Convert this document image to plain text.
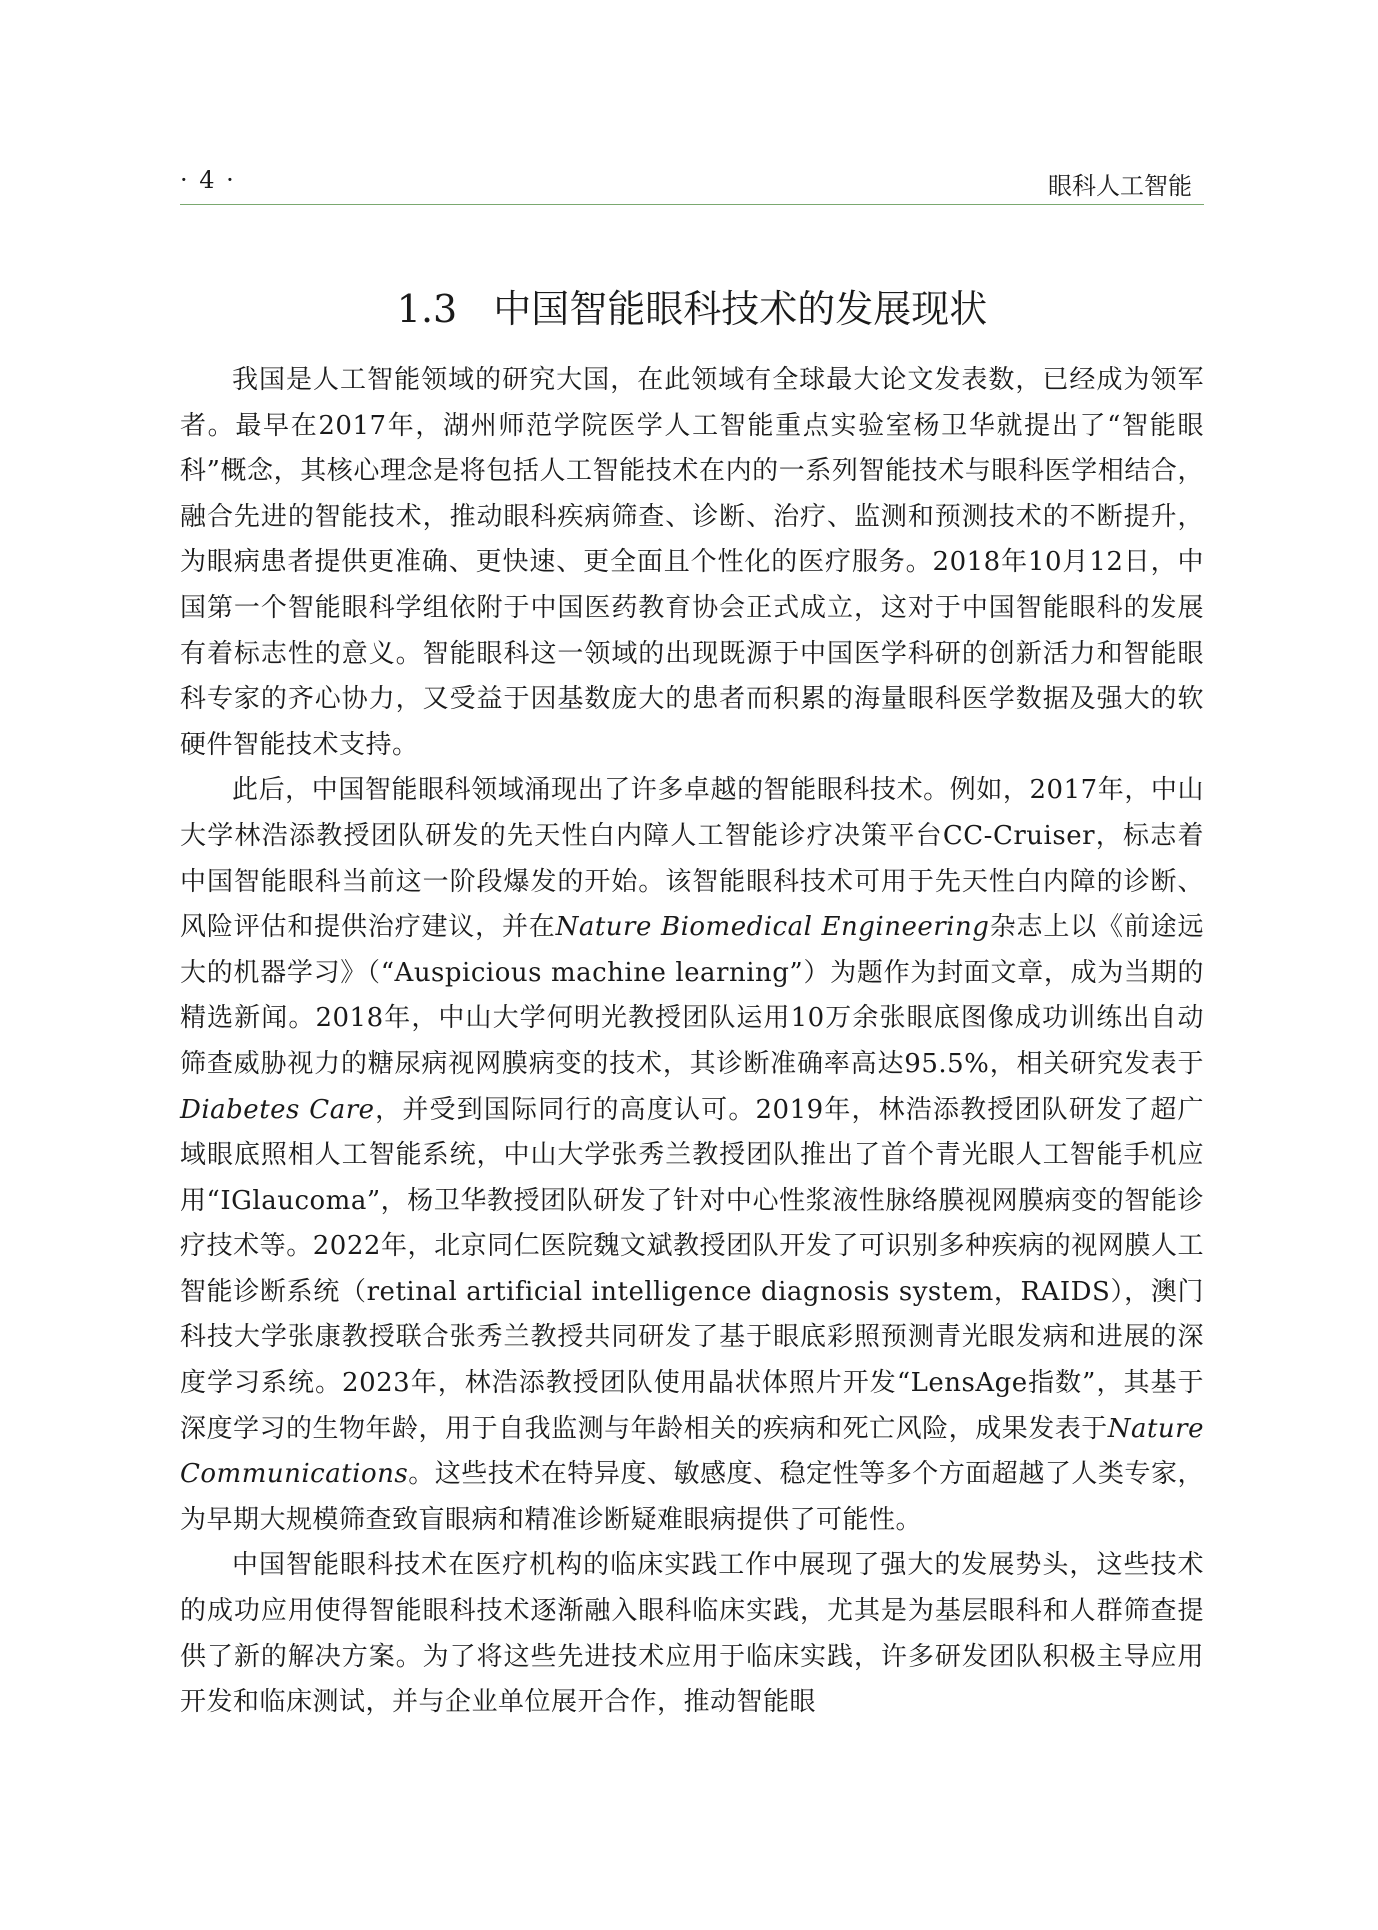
· 4 ·	眼科人工智能
1.3 中国智能眼科技术的发展现状

我国是人工智能领域的研究大国，在此领域有全球最大论文发表数，已经成为领军者。最早在2017年，湖州师范学院医学人工智能重点实验室杨卫华就提出了“智能眼科”概念，其核心理念是将包括人工智能技术在内的一系列智能技术与眼科医学相结合，融合先进的智能技术，推动眼科疾病筛查、诊断、治疗、监测和预测技术的不断提升，为眼病患者提供更准确、更快速、更全面且个性化的医疗服务。2018年10月12日，中国第一个智能眼科学组依附于中国医药教育协会正式成立，这对于中国智能眼科的发展有着标志性的意义。智能眼科这一领域的出现既源于中国医学科研的创新活力和智能眼科专家的齐心协力，又受益于因基数庞大的患者而积累的海量眼科医学数据及强大的软硬件智能技术支持。

此后，中国智能眼科领域涌现出了许多卓越的智能眼科技术。例如，2017年，中山大学林浩添教授团队研发的先天性白内障人工智能诊疗决策平台CC-Cruiser，标志着中国智能眼科当前这一阶段爆发的开始。该智能眼科技术可用于先天性白内障的诊断、风险评估和提供治疗建议，并在Nature Biomedical Engineering杂志上以《前途远大的机器学习》（“Auspicious machine learning”）为题作为封面文章，成为当期的精选新闻。2018年，中山大学何明光教授团队运用10万余张眼底图像成功训练出自动筛查威胁视力的糖尿病视网膜病变的技术，其诊断准确率高达95.5%，相关研究发表于Diabetes Care，并受到国际同行的高度认可。2019年，林浩添教授团队研发了超广域眼底照相人工智能系统，中山大学张秀兰教授团队推出了首个青光眼人工智能手机应用“IGlaucoma”，杨卫华教授团队研发了针对中心性浆液性脉络膜视网膜病变的智能诊疗技术等。2022年，北京同仁医院魏文斌教授团队开发了可识别多种疾病的视网膜人工智能诊断系统（retinal artificial intelligence diagnosis system，RAIDS），澳门科技大学张康教授联合张秀兰教授共同研发了基于眼底彩照预测青光眼发病和进展的深度学习系统。2023年，林浩添教授团队使用晶状体照片开发“LensAge指数”，其基于深度学习的生物年龄，用于自我监测与年龄相关的疾病和死亡风险，成果发表于Nature Communications。这些技术在特异度、敏感度、稳定性等多个方面超越了人类专家，为早期大规模筛查致盲眼病和精准诊断疑难眼病提供了可能性。

中国智能眼科技术在医疗机构的临床实践工作中展现了强大的发展势头，这些技术的成功应用使得智能眼科技术逐渐融入眼科临床实践，尤其是为基层眼科和人群筛查提供了新的解决方案。为了将这些先进技术应用于临床实践，许多研发团队积极主导应用开发和临床测试，并与企业单位展开合作，推动智能眼
